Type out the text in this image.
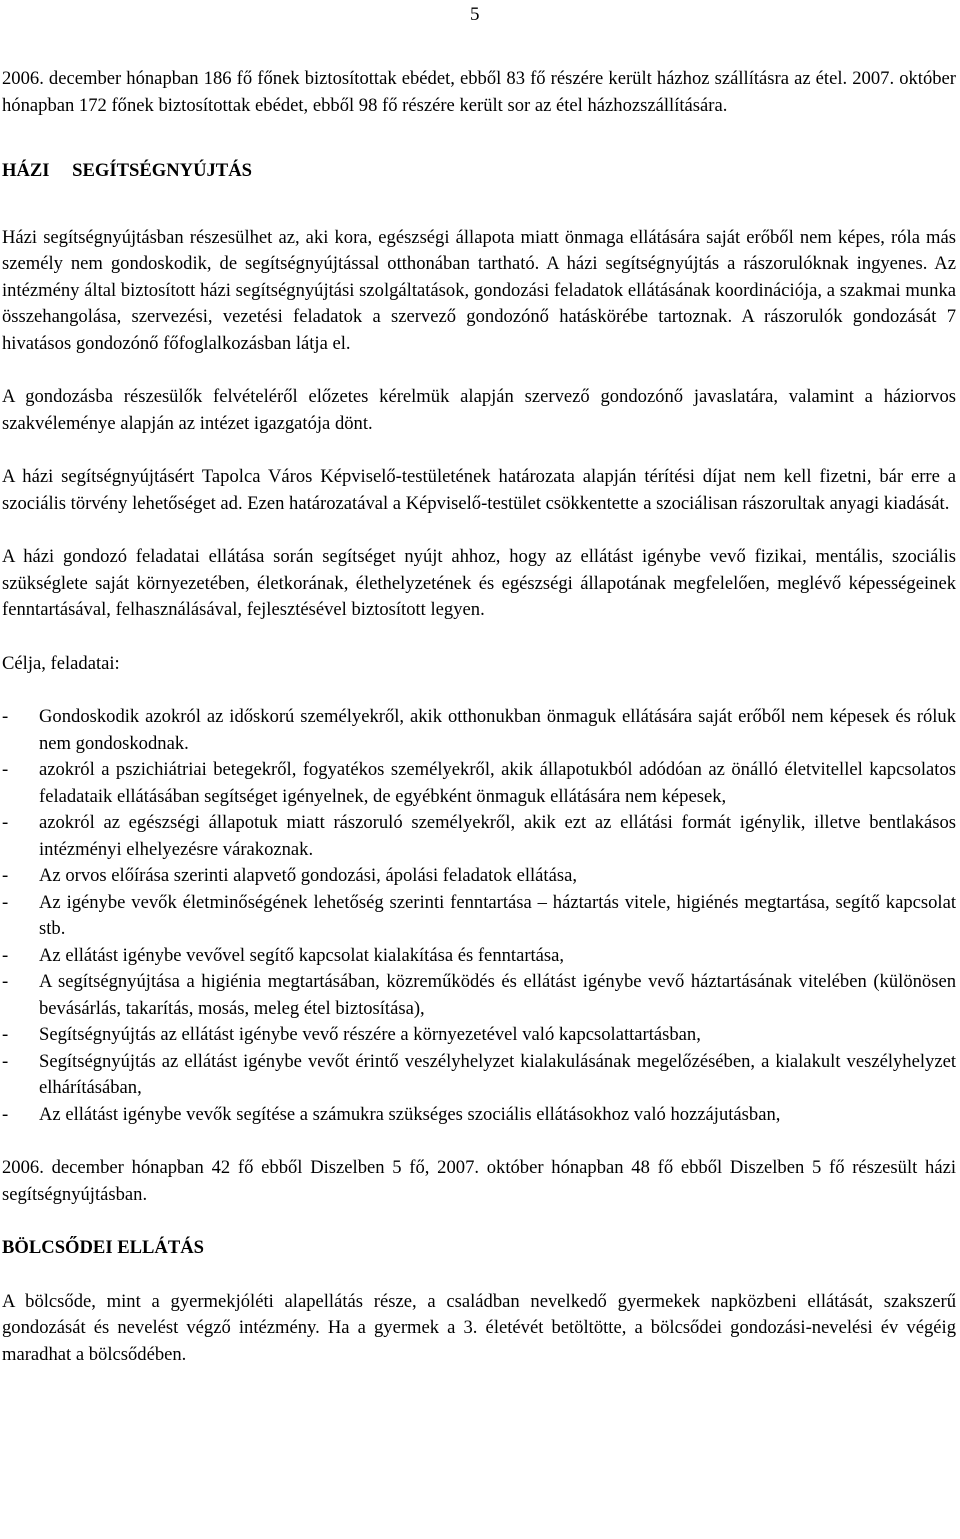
5

2006. december hónapban 186 fő főnek biztosítottak ebédet, ebből 83 fő részére került házhoz szállításra az étel. 2007. október hónapban 172 főnek biztosítottak ebédet, ebből 98 fő részére került sor az étel házhozszállítására.

HÁZI SEGÍTSÉGNYÚJTÁS

Házi segítségnyújtásban részesülhet az, aki kora, egészségi állapota miatt önmaga ellátására saját erőből nem képes, róla más személy nem gondoskodik, de segítségnyújtással otthonában tartható. A házi segítségnyújtás a rászorulóknak ingyenes. Az intézmény által biztosított házi segítségnyújtási szolgáltatások, gondozási feladatok ellátásának koordinációja, a szakmai munka összehangolása, szervezési, vezetési feladatok a szervező gondozónő hatáskörébe tartoznak. A rászorulók gondozását 7 hivatásos gondozónő főfoglalkozásban látja el.

A gondozásba részesülők felvételéről előzetes kérelmük alapján szervező gondozónő javaslatára, valamint a háziorvos szakvéleménye alapján az intézet igazgatója dönt.

A házi segítségnyújtásért Tapolca Város Képviselő-testületének határozata alapján térítési díjat nem kell fizetni, bár erre a szociális törvény lehetőséget ad. Ezen határozatával a Képviselő-testület csökkentette a szociálisan rászorultak anyagi kiadását.

A házi gondozó feladatai ellátása során segítséget nyújt ahhoz, hogy az ellátást igénybe vevő fizikai, mentális, szociális szükséglete saját környezetében, életkorának, élethelyzetének és egészségi állapotának megfelelően, meglévő képességeinek fenntartásával, felhasználásával, fejlesztésével biztosított legyen.

Célja, feladatai:

- Gondoskodik azokról az időskorú személyekről, akik otthonukban önmaguk ellátására saját erőből nem képesek és róluk nem gondoskodnak.
- azokról a pszichiátriai betegekről, fogyatékos személyekről, akik állapotukból adódóan az önálló életvitellel kapcsolatos feladataik ellátásában segítséget igényelnek, de egyébként önmaguk ellátására nem képesek,
- azokról az egészségi állapotuk miatt rászoruló személyekről, akik ezt az ellátási formát igénylik, illetve bentlakásos intézményi elhelyezésre várakoznak.
- Az orvos előírása szerinti alapvető gondozási, ápolási feladatok ellátása,
- Az igénybe vevők életminőségének lehetőség szerinti fenntartása – háztartás vitele, higiénés megtartása, segítő kapcsolat stb.
- Az ellátást igénybe vevővel segítő kapcsolat kialakítása és fenntartása,
- A segítségnyújtása a higiénia megtartásában, közreműködés és ellátást igénybe vevő háztartásának vitelében (különösen bevásárlás, takarítás, mosás, meleg étel biztosítása),
- Segítségnyújtás az ellátást igénybe vevő részére a környezetével való kapcsolattartásban,
- Segítségnyújtás az ellátást igénybe vevőt érintő veszélyhelyzet kialakulásának megelőzésében, a kialakult veszélyhelyzet elhárításában,
- Az ellátást igénybe vevők segítése a számukra szükséges szociális ellátásokhoz való hozzájutásban,

2006. december hónapban 42 fő ebből Diszelben 5 fő, 2007. október hónapban 48 fő ebből Diszelben 5 fő részesült házi segítségnyújtásban.

BÖLCSŐDEI ELLÁTÁS

A bölcsőde, mint a gyermekjóléti alapellátás része, a családban nevelkedő gyermekek napközbeni ellátását, szakszerű gondozását és nevelést végző intézmény. Ha a gyermek a 3. életévét betöltötte, a bölcsődei gondozási-nevelési év végéig maradhat a bölcsődében.
